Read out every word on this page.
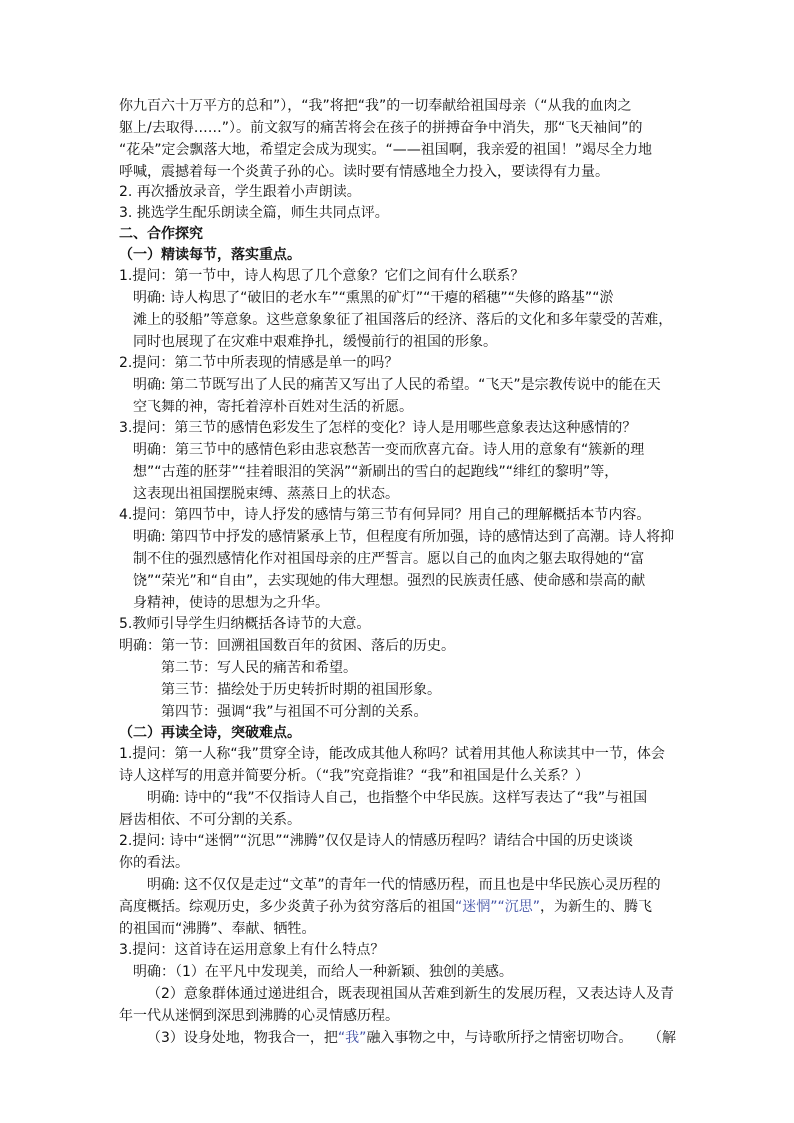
你九百六十万平方的总和”），“我”将把“我”的一切奉献给祖国母亲（“从我的血肉之
躯上/去取得……”）。前文叙写的痛苦将会在孩子的拼搏奋争中消失，那“飞天袖间”的
“花朵”定会飘落大地，希望定会成为现实。“——祖国啊，我亲爱的祖国！”竭尽全力地
呼喊，震撼着每一个炎黄子孙的心。读时要有情感地全力投入，要读得有力量。
2. 再次播放录音，学生跟着小声朗读。
3. 挑选学生配乐朗读全篇，师生共同点评。
二、合作探究
（一）精读每节，落实重点。
1.提问：第一节中，诗人构思了几个意象？它们之间有什么联系？
明确: 诗人构思了“破旧的老水车”“熏黑的矿灯”“干瘪的稻穗”“失修的路基”“淤
滩上的驳船”等意象。这些意象象征了祖国落后的经济、落后的文化和多年蒙受的苦难，
同时也展现了在灾难中艰难挣扎，缓慢前行的祖国的形象。
2.提问：第二节中所表现的情感是单一的吗？
明确: 第二节既写出了人民的痛苦又写出了人民的希望。“飞天”是宗教传说中的能在天
空飞舞的神，寄托着淳朴百姓对生活的祈愿。
3.提问：第三节的感情色彩发生了怎样的变化？诗人是用哪些意象表达这种感情的？
明确：第三节中的感情色彩由悲哀愁苦一变而欣喜亢奋。诗人用的意象有“簇新的理
想”“古莲的胚芽”“挂着眼泪的笑涡”“新刷出的雪白的起跑线”“绯红的黎明”等，
这表现出祖国摆脱束缚、蒸蒸日上的状态。
4.提问：第四节中，诗人抒发的感情与第三节有何异同？用自己的理解概括本节内容。
明确: 第四节中抒发的感情紧承上节，但程度有所加强，诗的感情达到了高潮。诗人将抑
制不住的强烈感情化作对祖国母亲的庄严誓言。愿以自己的血肉之躯去取得她的“富
饶”“荣光”和“自由”，去实现她的伟大理想。强烈的民族责任感、使命感和崇高的献
身精神，使诗的思想为之升华。
5.教师引导学生归纳概括各诗节的大意。
明确：第一节：回溯祖国数百年的贫困、落后的历史。
第二节：写人民的痛苦和希望。
第三节：描绘处于历史转折时期的祖国形象。
第四节：强调“我”与祖国不可分割的关系。
（二）再读全诗，突破难点。
1.提问：第一人称“我”贯穿全诗，能改成其他人称吗？试着用其他人称读其中一节，体会
诗人这样写的用意并简要分析。（“我”究竟指谁？“我”和祖国是什么关系？）
明确: 诗中的“我”不仅指诗人自己，也指整个中华民族。这样写表达了“我”与祖国
唇齿相依、不可分割的关系。
2.提问: 诗中“迷惘”“沉思”“沸腾”仅仅是诗人的情感历程吗？请结合中国的历史谈谈
你的看法。
明确: 这不仅仅是走过“文革”的青年一代的情感历程，而且也是中华民族心灵历程的
高度概括。综观历史，多少炎黄子孙为贫穷落后的祖国“迷惘”“沉思”，为新生的、腾飞
的祖国而“沸腾”、奉献、牺牲。
3.提问：这首诗在运用意象上有什么特点？
明确：（1）在平凡中发现美，而给人一种新颖、独创的美感。
（2）意象群体通过递进组合，既表现祖国从苦难到新生的发展历程，又表达诗人及青
年一代从迷惘到深思到沸腾的心灵情感历程。
（3）设身处地，物我合一，把“我”融入事物之中，与诗歌所抒之情密切吻合。 （解
